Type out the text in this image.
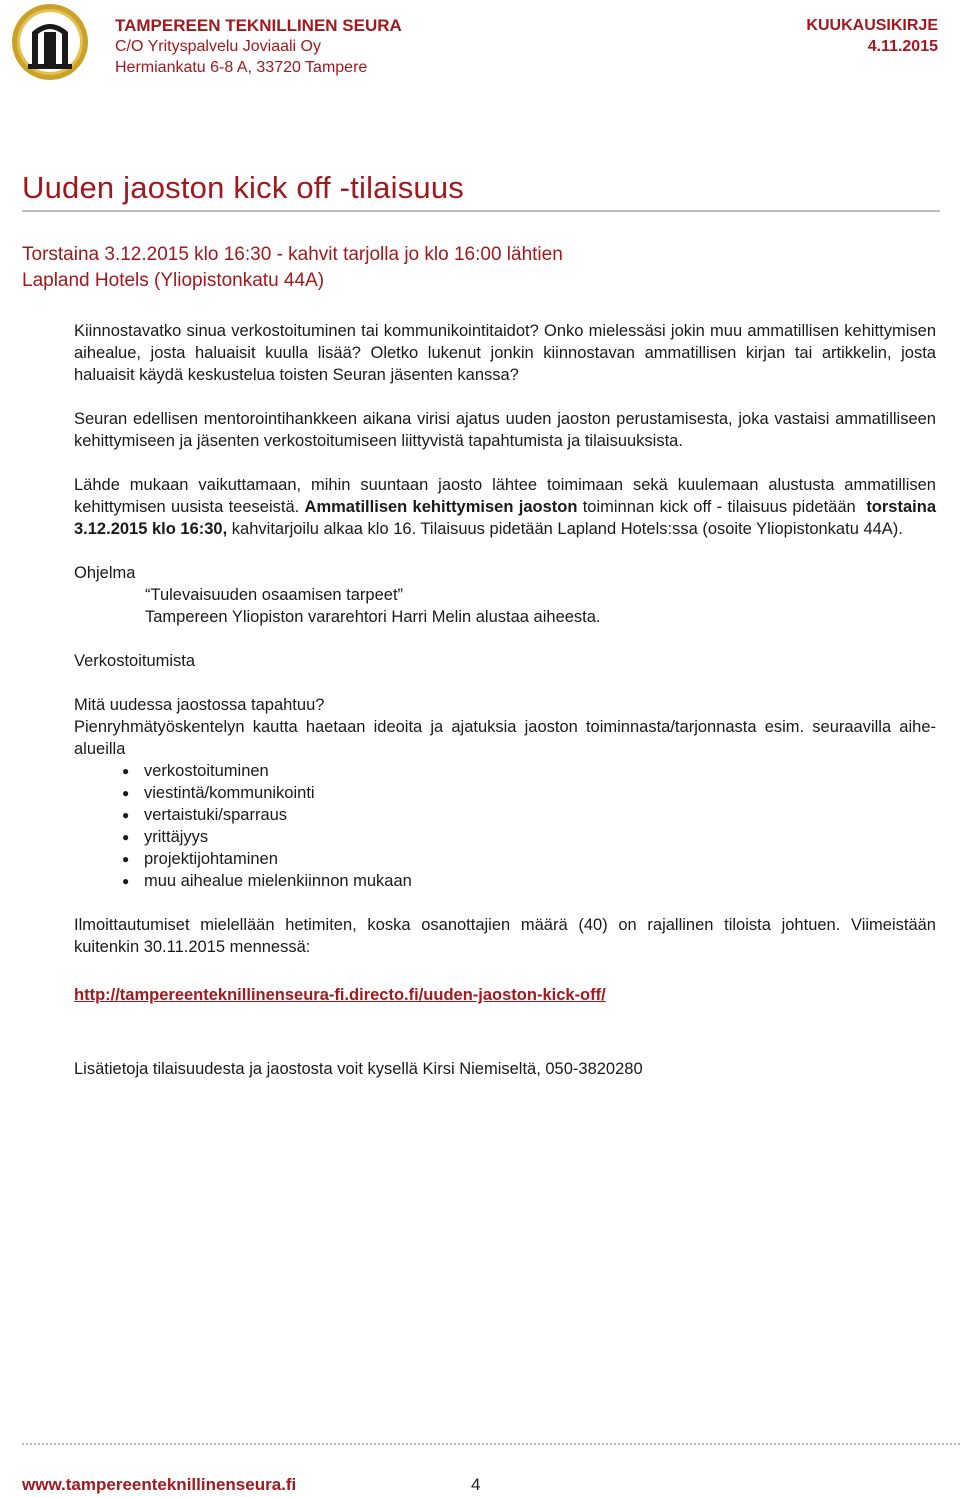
TAMPEREEN TEKNILLINEN SEURA
C/O Yrityspalvelu Joviaali Oy
Hermiankatu 6-8 A, 33720 Tampere
KUUKAUSIKIRJE
4.11.2015
Uuden jaoston kick off -tilaisuus
Torstaina 3.12.2015 klo 16:30 - kahvit tarjolla jo klo 16:00 lähtien
Lapland Hotels (Yliopistonkatu 44A)

Kiinnostavatko sinua verkostoituminen tai kommunikointitaidot? Onko mielessäsi jokin muu ammatillisen kehittymisen aihealue, josta haluaisit kuulla lisää? Oletko lukenut jonkin kiinnostavan ammatillisen kirjan tai artikkelin, josta haluaisit käydä keskustelua toisten Seuran jäsenten kanssa?

Seuran edellisen mentorointihankkeen aikana virisi ajatus uuden jaoston perustamisesta, joka vastaisi ammatilliseen kehittymiseen ja jäsenten verkostoitumiseen liittyvistä tapahtumista ja tilaisuuksista.

Lähde mukaan vaikuttamaan, mihin suuntaan jaosto lähtee toimimaan sekä kuulemaan alustusta ammatillisen kehittymisen uusista teeseistä. Ammatillisen kehittymisen jaoston toiminnan kick off - tilaisuus pidetään torstaina 3.12.2015 klo 16:30, kahvitarjoilu alkaa klo 16. Tilaisuus pidetään Lapland Hotels:ssa (osoite Yliopistonkatu 44A).

Ohjelma

“Tulevaisuuden osaamisen tarpeet”

Tampereen Yliopiston vararehtori Harri Melin alustaa aiheesta.

Verkostoitumista

Mitä uudessa jaostossa tapahtuu?

Pienryhmätyöskentelyn kautta haetaan ideoita ja ajatuksia jaoston toiminnasta/tarjonnasta esim. seuraavilla aihe-alueilla

● verkostoituminen
● viestintä/kommunikointi
● vertaistuki/sparraus
● yrittäjyys
● projektijohtaminen
● muu aihealue mielenkiinnon mukaan

Ilmoittautumiset mielellään hetimiten, koska osanottajien määrä (40) on rajallinen tiloista johtuen. Viimeistään kuitenkin 30.11.2015 mennessä:

http://tampereenteknillinenseura-fi.directo.fi/uuden-jaoston-kick-off/

Lisätietoja tilaisuudesta ja jaostosta voit kysellä Kirsi Niemiseltä, 050-3820280

www.tampereenteknillinenseura.fi	4
